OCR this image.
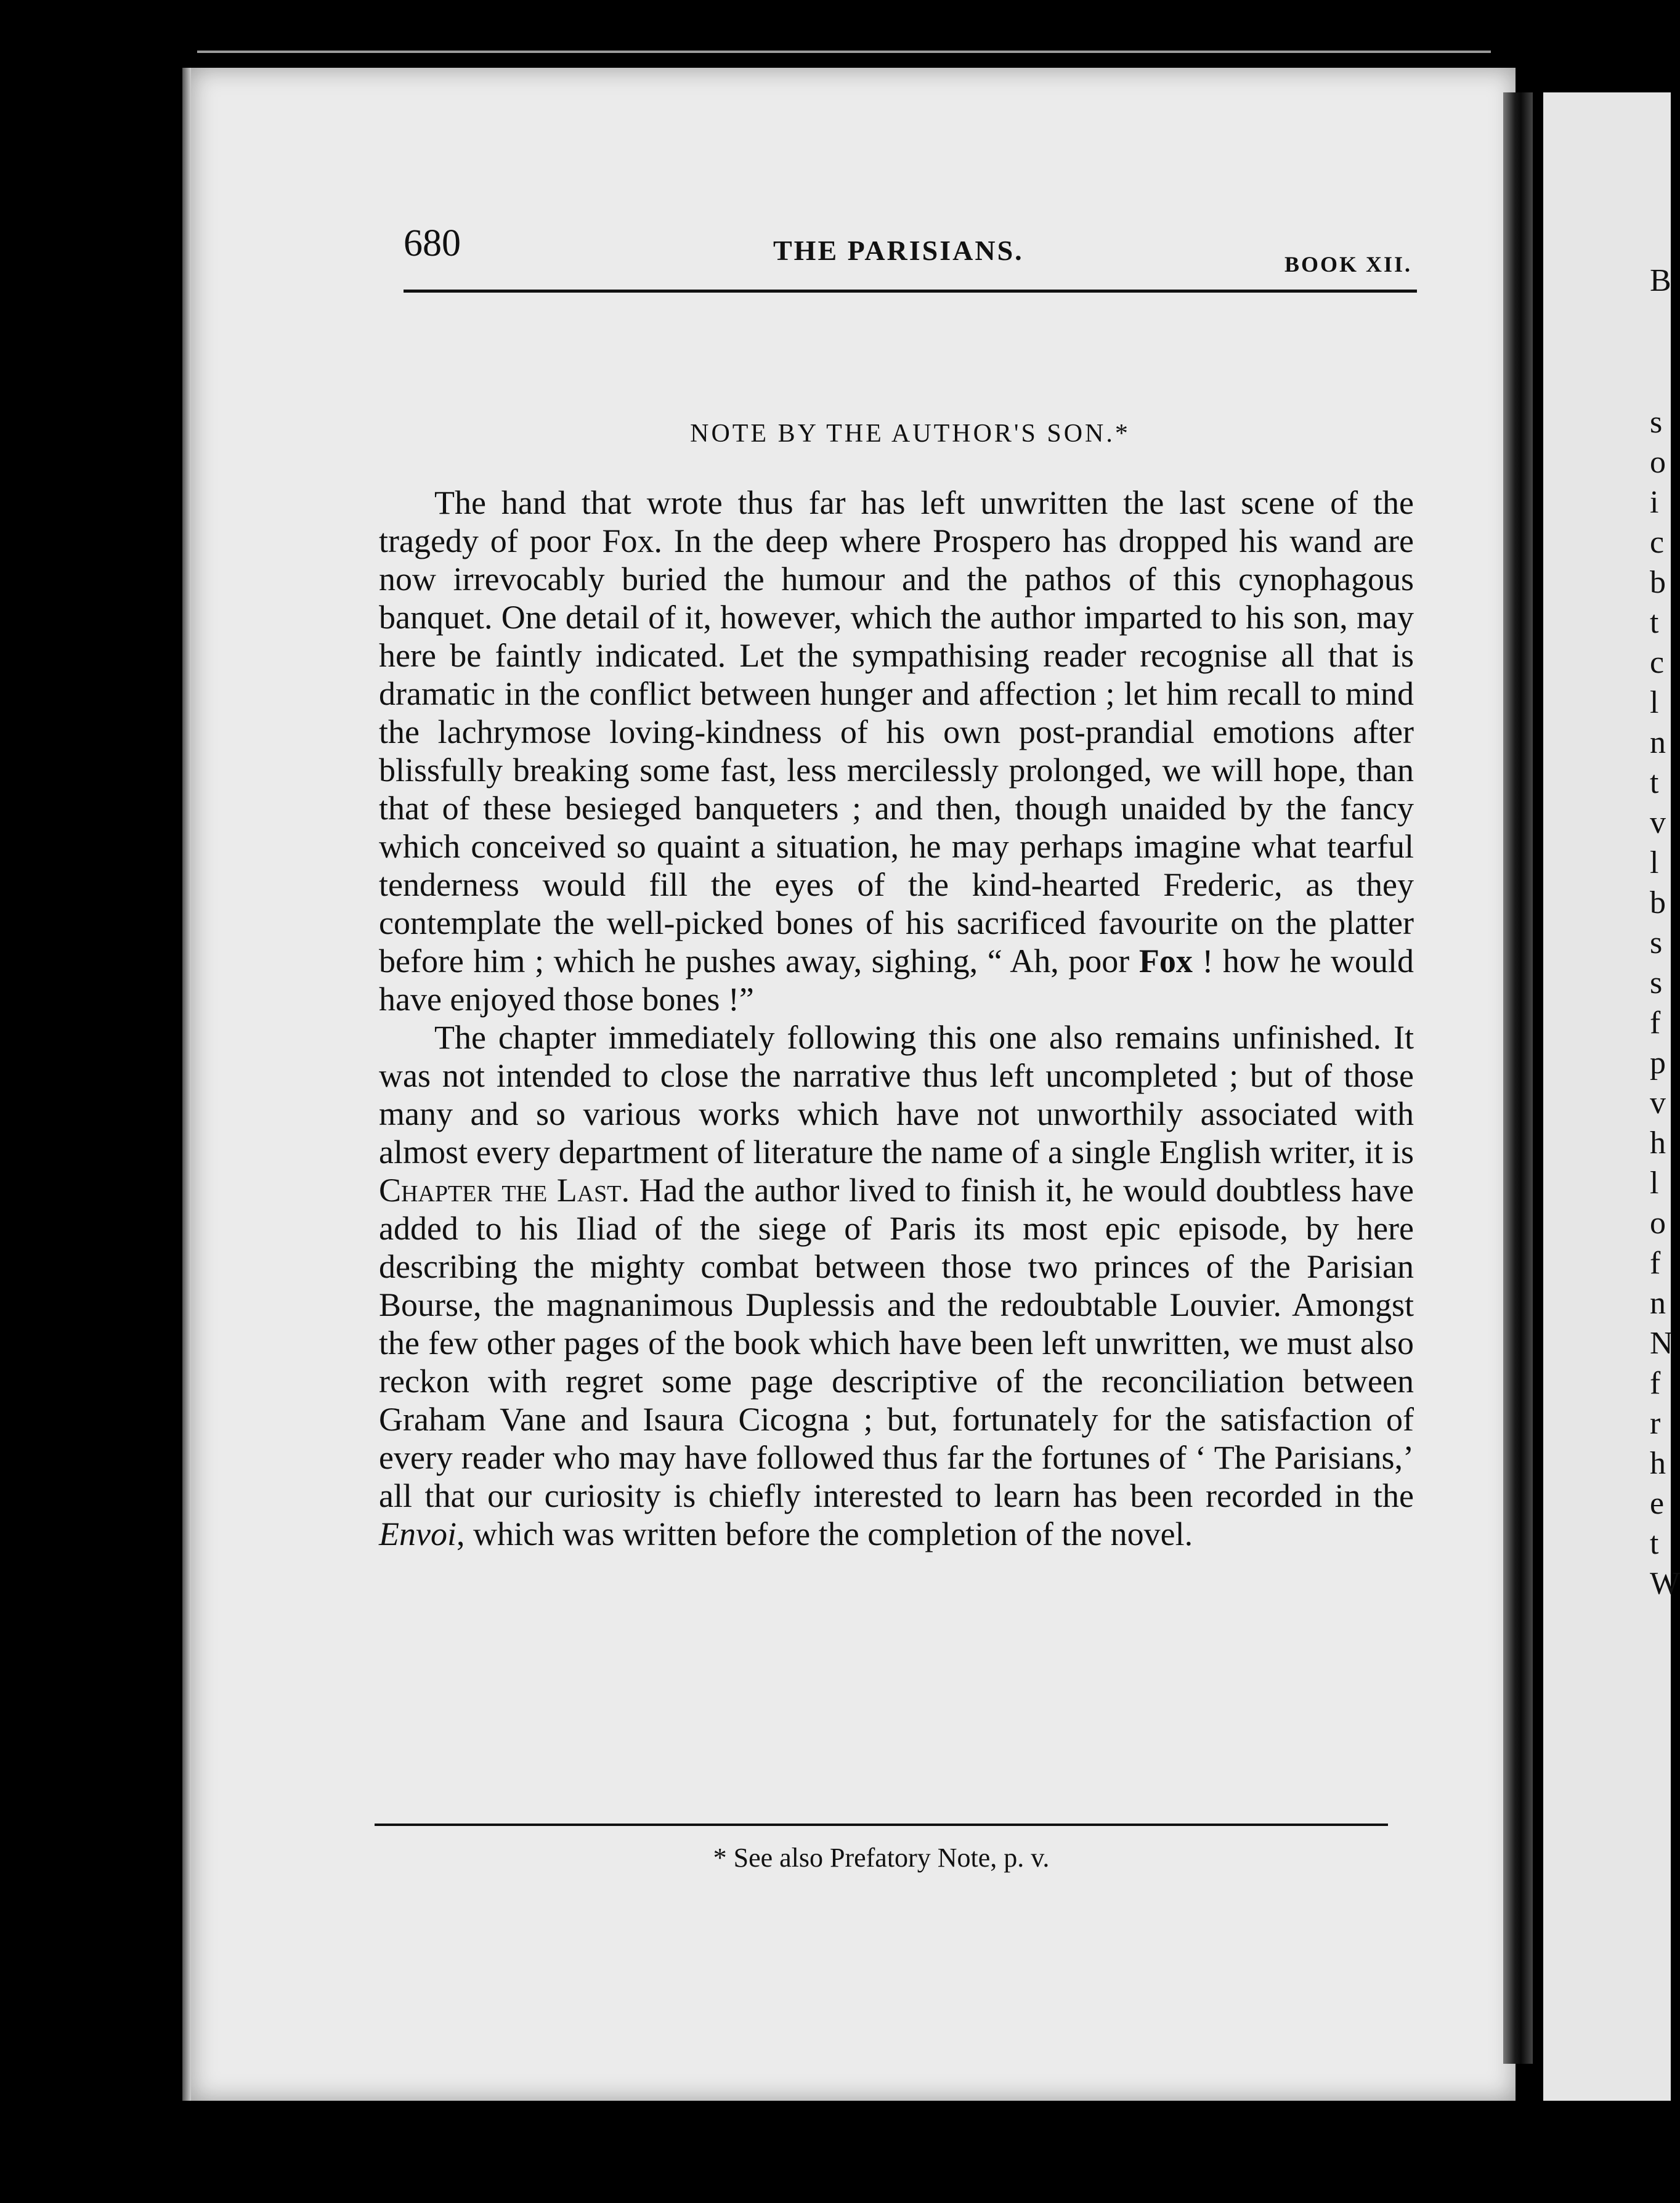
B
s
o
i
c
b
t
c
l
n
t
v
l
b
s
s
f
p
v
h
l
o
f
n
N
f
r
h
e
t
W
680	THE PARISIANS.	BOOK XII.
NOTE BY THE AUTHOR'S SON.*

The hand that wrote thus far has left unwritten the last scene of the tragedy of poor Fox. In the deep where Prospero has dropped his wand are now irrevocably buried the humour and the pathos of this cynophagous banquet. One detail of it, however, which the author imparted to his son, may here be faintly indicated. Let the sympathising reader recognise all that is dramatic in the conflict between hunger and affection ; let him recall to mind the lachrymose loving-kindness of his own post-prandial emotions after blissfully breaking some fast, less mercilessly prolonged, we will hope, than that of these besieged banqueters ; and then, though unaided by the fancy which conceived so quaint a situation, he may perhaps imagine what tearful tenderness would fill the eyes of the kind-hearted Frederic, as they contemplate the well-picked bones of his sacrificed favourite on the platter before him ; which he pushes away, sighing, “ Ah, poor Fox ! how he would have enjoyed those bones !”

The chapter immediately following this one also remains unfinished. It was not intended to close the narrative thus left uncompleted ; but of those many and so various works which have not unworthily associated with almost every department of literature the name of a single English writer, it is Chapter the Last. Had the author lived to finish it, he would doubtless have added to his Iliad of the siege of Paris its most epic episode, by here describing the mighty combat between those two princes of the Parisian Bourse, the magnanimous Duplessis and the redoubtable Louvier. Amongst the few other pages of the book which have been left unwritten, we must also reckon with regret some page descriptive of the reconciliation between Graham Vane and Isaura Cicogna ; but, fortunately for the satisfaction of every reader who may have followed thus far the fortunes of ‘ The Parisians,’ all that our curiosity is chiefly interested to learn has been recorded in the Envoi, which was written before the completion of the novel.

* See also Prefatory Note, p. v.
